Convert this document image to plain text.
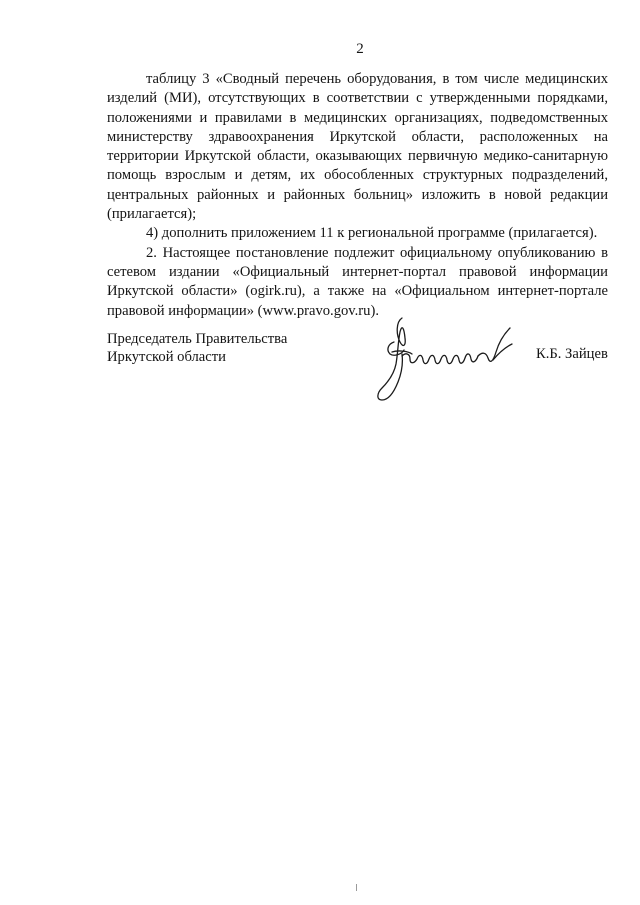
2

таблицу 3 «Сводный перечень оборудования, в том числе медицинских изделий (МИ), отсутствующих в соответствии с утвержденными порядками, положениями и правилами в медицинских организациях, подведомственных министерству здравоохранения Иркутской области, расположенных на территории Иркутской области, оказывающих первичную медико-санитарную помощь взрослым и детям, их обособленных структурных подразделений, центральных районных и районных больниц» изложить в новой редакции (прилагается);

4) дополнить приложением 11 к региональной программе (прилагается).

2. Настоящее постановление подлежит официальному опубликованию в сетевом издании «Официальный интернет-портал правовой информации Иркутской области» (ogirk.ru), а также на «Официальном интернет-портале правовой информации» (www.pravo.gov.ru).

Председатель Правительства
Иркутской области	К.Б. Зайцев
